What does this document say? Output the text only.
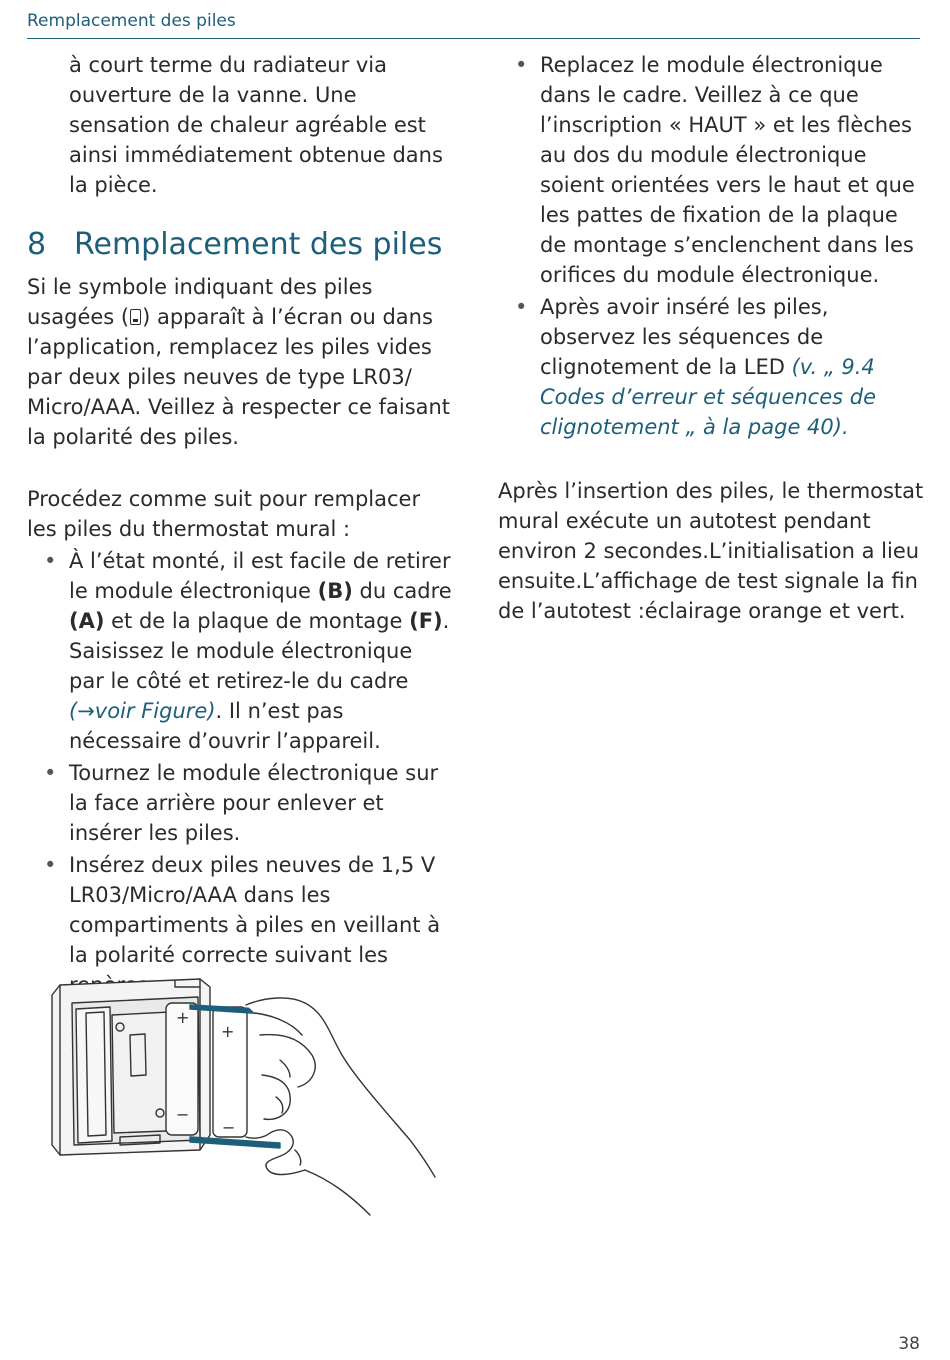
Remplacement des piles

à court terme du radiateur via ouverture de la vanne. Une sensation de chaleur agréable est ainsi immédiatement obtenue dans la pièce.

8 Remplacement des piles

Si le symbole indiquant des piles usagées ( ) apparaît à l’écran ou dans l’application, remplacez les piles vides par deux piles neuves de type LR03/ Micro/AAA. Veillez à respecter ce faisant la polarité des piles.

Procédez comme suit pour remplacer les piles du thermostat mural :

• À l’état monté, il est facile de retirer le module électronique (B) du cadre (A) et de la plaque de montage (F). Saisissez le module électronique par le côté et retirez-le du cadre (→voir Figure). Il n’est pas nécessaire d’ouvrir l’appareil.
• Tournez le module électronique sur la face arrière pour enlever et insérer les piles.
• Insérez deux piles neuves de 1,5 V LR03/Micro/AAA dans les compartiments à piles en veillant à la polarité correcte suivant les
• Replacez le module électronique dans le cadre. Veillez à ce que l’inscription « HAUT » et les flèches au dos du module électronique soient orientées vers le haut et que les pattes de fixation de la plaque de montage s’enclenchent dans les orifices du module électronique.
• Après avoir inséré les piles, observez les séquences de clignotement de la LED (v. „ 9.4 Codes d’erreur et séquences de clignotement „ à la page 40).

Après l’insertion des piles, le thermostat mural exécute un autotest pendant environ 2 secondes.L’initialisation a lieu ensuite.L’affichage de test signale la fin de l’autotest :éclairage orange et vert.

+
+
−
−
38
